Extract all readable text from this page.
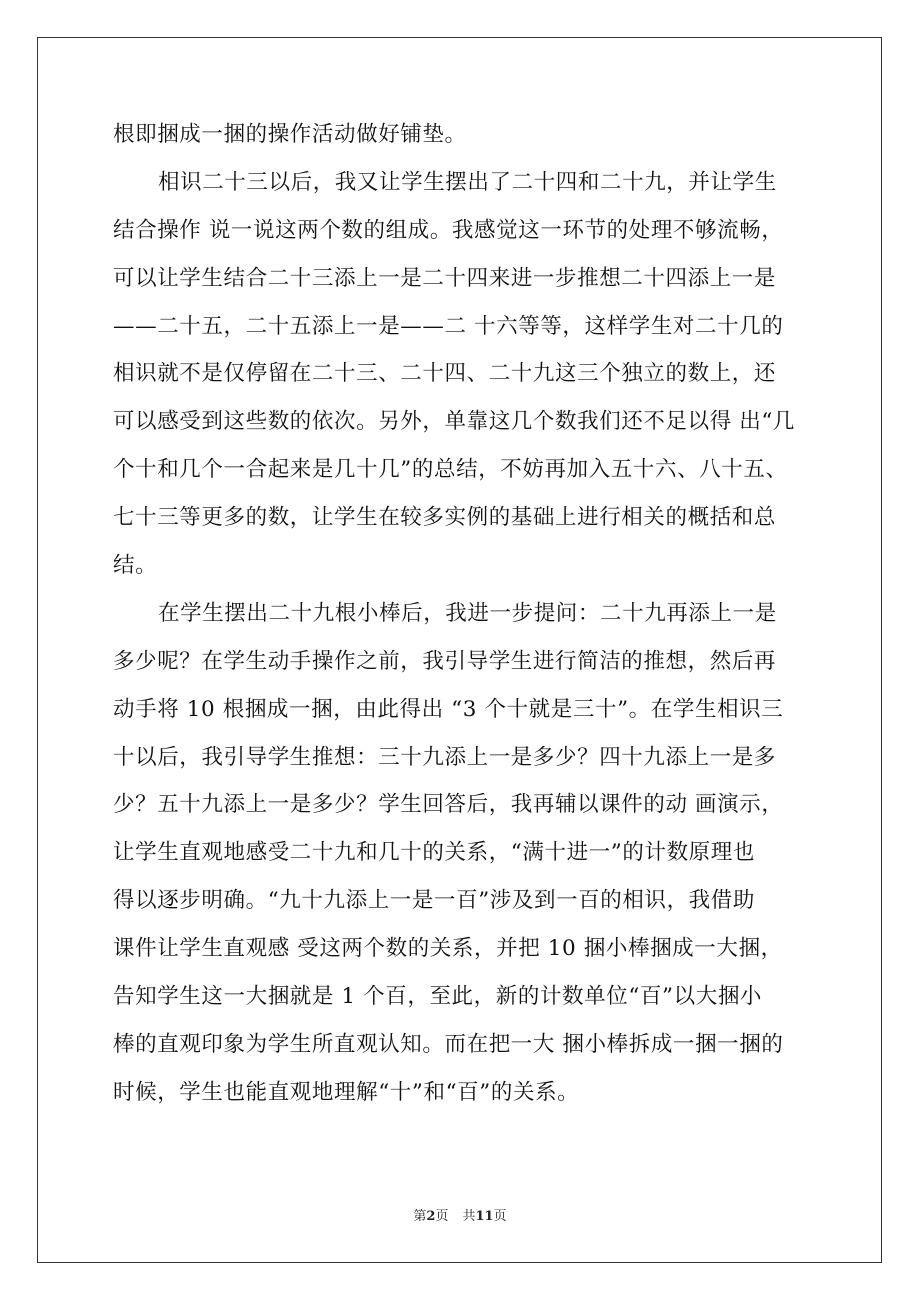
根即捆成一捆的操作活动做好铺垫。
相识二十三以后，我又让学生摆出了二十四和二十九，并让学生
结合操作 说一说这两个数的组成。我感觉这一环节的处理不够流畅，
可以让学生结合二十三添上一是二十四来进一步推想二十四添上一是
——二十五，二十五添上一是——二 十六等等，这样学生对二十几的
相识就不是仅停留在二十三、二十四、二十九这三个独立的数上，还
可以感受到这些数的依次。另外，单靠这几个数我们还不足以得 出“几
个十和几个一合起来是几十几”的总结，不妨再加入五十六、八十五、
七十三等更多的数，让学生在较多实例的基础上进行相关的概括和总
结。
在学生摆出二十九根小棒后，我进一步提问：二十九再添上一是
多少呢？在学生动手操作之前，我引导学生进行简洁的推想，然后再
动手将 10 根捆成一捆，由此得出 “3 个十就是三十”。在学生相识三
十以后，我引导学生推想：三十九添上一是多少？四十九添上一是多
少？五十九添上一是多少？学生回答后，我再辅以课件的动 画演示，
让学生直观地感受二十九和几十的关系，“满十进一”的计数原理也
得以逐步明确。“九十九添上一是一百”涉及到一百的相识，我借助
课件让学生直观感 受这两个数的关系，并把 10 捆小棒捆成一大捆，
告知学生这一大捆就是 1 个百，至此，新的计数单位“百”以大捆小
棒的直观印象为学生所直观认知。而在把一大 捆小棒拆成一捆一捆的
时候，学生也能直观地理解“十”和“百”的关系。
第2页 共11页
